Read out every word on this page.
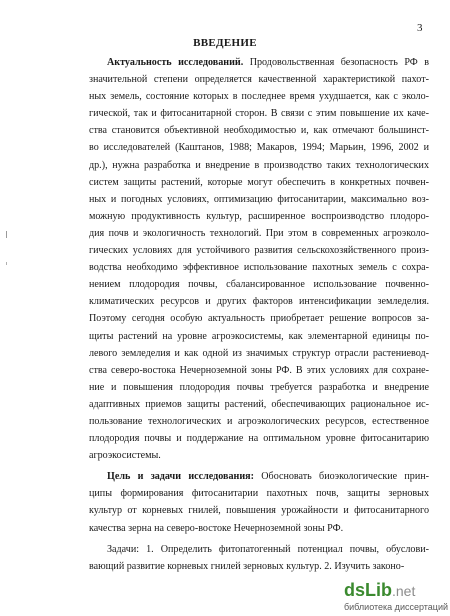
3
ВВЕДЕНИЕ
Актуальность исследований. Продовольственная безопасность РФ в
значительной степени определяется качественной характеристикой пахот-
ных земель, состояние которых в последнее время ухудшается, как с эколо-
гической, так и фитосанитарной сторон. В связи с этим повышение их каче-
ства становится объективной необходимостью и, как отмечают большинст-
во исследователей (Каштанов, 1988; Макаров, 1994; Марьин, 1996, 2002 и
др.), нужна разработка и внедрение в производство таких технологических
систем защиты растений, которые могут обеспечить в конкретных почвен-
ных и погодных условиях, оптимизацию фитосанитарии, максимально воз-
можную продуктивность культур, расширенное воспроизводство плодоро-
дия почв и экологичность технологий. При этом в современных агроэколо-
гических условиях для устойчивого развития сельскохозяйственного произ-
водства необходимо эффективное использование пахотных земель с сохра-
нением плодородия почвы, сбалансированное использование почвенно-
климатических ресурсов и других факторов интенсификации земледелия.
Поэтому сегодня особую актуальность приобретает решение вопросов за-
щиты растений на уровне агроэкосистемы, как элементарной единицы по-
левого земледелия и как одной из значимых структур отрасли растениевод-
ства северо-востока Нечерноземной зоны РФ. В этих условиях для сохране-
ние и повышения плодородия почвы требуется разработка и внедрение
адаптивных приемов защиты растений, обеспечивающих рациональное ис-
пользование технологических и агроэкологических ресурсов, естественное
плодородия почвы и поддержание на оптимальном уровне фитосанитарию
агроэкосистемы.
Цель и задачи исследования: Обосновать биоэкологические прин-
ципы формирования фитосанитарии пахотных почв, защиты зерновых
культур от корневых гнилей, повышения урожайности и фитосанитарного
качества зерна на северо-востоке Нечерноземной зоны РФ.
Задачи: 1. Определить фитопатогенный потенциал почвы, обуслови-
вающий развитие корневых гнилей зерновых культур. 2. Изучить законо-
dsLib.net
библиотека диссертаций
